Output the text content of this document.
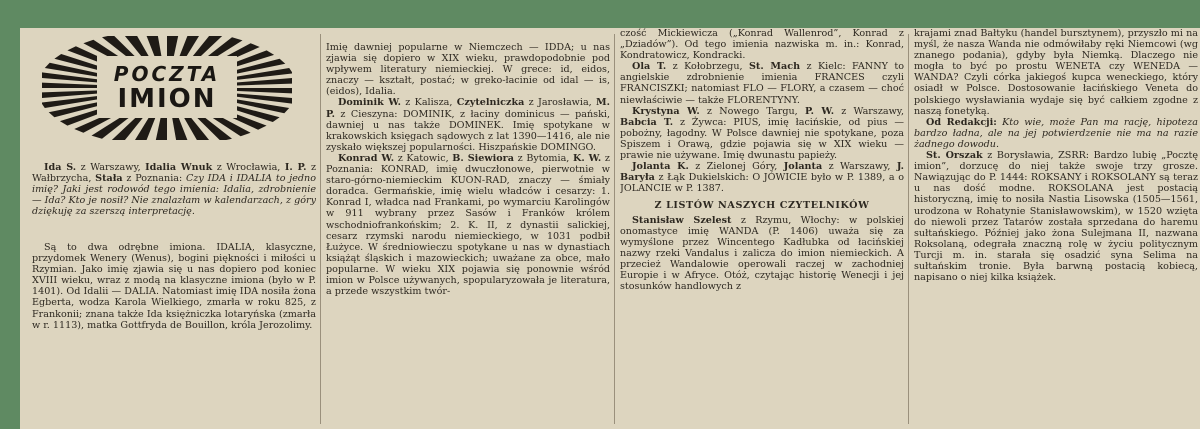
POCZTA
IMION

Ida S. z Warszawy, Idalia Wnuk z Wrocławia, I. P. z Wałbrzycha, Stała z Poznania: Czy IDA i IDALIA to jedno imię? Jaki jest rodowód tego imienia: Idalia, zdrobnienie — Ida? Kto je nosił? Nie znalazłam w kalendarzach, z góry dziękuję za szerszą interpretację.

Są to dwa odrębne imiona. IDALIA, klasyczne, przydomek Wenery (Wenus), bogini piękności i miłości u Rzymian. Jako imię zjawia się u nas dopiero pod koniec XVIII wieku, wraz z modą na klasyczne imiona (było w P. 1401). Od Idalii — DALIA. Natomiast imię IDA nosiła żona Egberta, wodza Karola Wielkiego, zmarła w roku 825, z Frankonii; znana także Ida księżniczka lotaryńska (zmarła w r. 1113), matka Gottfryda de Bouillon, króla Jerozolimy.

Imię dawniej popularne w Niemczech — IDDA; u nas zjawia się dopiero w XIX wieku, prawdopodobnie pod wpływem literatury niemieckiej. W grece: id, eidos, znaczy — kształt, postać; w greko-łacinie od idal — is, (eidos), Idalia.

Dominik W. z Kalisza, Czytelniczka z Jarosławia, M. P. z Cieszyna: DOMINIK, z łaciny dominicus — pański, dawniej u nas także DOMINEK. Imię spotykane w krakowskich księgach sądowych z lat 1390—1416, ale nie zyskało większej popularności. Hiszpańskie DOMINGO.

Konrad W. z Katowic, B. Siewiora z Bytomia, K. W. z Poznania: KONRAD, imię dwuczłonowe, pierwotnie w staro-górno-niemieckim KUON-RAD, znaczy — śmiały doradca. Germańskie, imię wielu władców i cesarzy: 1. Konrad I, władca nad Frankami, po wymarciu Karolingów w 911 wybrany przez Sasów i Franków królem wschodniofrankońskim; 2. K. II, z dynastii salickiej, cesarz rzymski narodu niemieckiego, w 1031 podbił Łużyce. W średniowieczu spotykane u nas w dynastiach książąt śląskich i mazowieckich; uważane za obce, mało popularne. W wieku XIX pojawia się ponownie wśród imion w Polsce używanych, spopularyzowała je literatura, a przede wszystkim twór-

czość Mickiewicza („Konrad Wallenrod”, Konrad z „Dziadów”). Od tego imienia nazwiska m. in.: Konrad, Kondratowicz, Kondracki.

Ola T. z Kołobrzegu, St. Mach z Kielc: FANNY to angielskie zdrobnienie imienia FRANCES czyli FRANCISZKI; natomiast FLO — FLORY, a czasem — choć niewłaściwie — także FLORENTYNY.

Krystyna W. z Nowego Targu, P. W. z Warszawy, Babcia T. z Żywca: PIUS, imię łacińskie, od pius — pobożny, łagodny. W Polsce dawniej nie spotykane, poza Spiszem i Orawą, gdzie pojawia się w XIX wieku — prawie nie używane. Imię dwunastu papieży.

Jolanta K. z Zielonej Góry, Jolanta z Warszawy, J. Baryła z Łąk Dukielskich: O JÓWICIE było w P. 1389, a o JOLANCIE w P. 1387.

Z LISTÓW NASZYCH CZYTELNIKÓW

Stanisław Szelest z Rzymu, Włochy: w polskiej onomastyce imię WANDA (P. 1406) uważa się za wymyślone przez Wincentego Kadłubka od łacińskiej nazwy rzeki Vandalus i zalicza do imion niemieckich. A przecież Wandalowie operowali raczej w zachodniej Europie i w Afryce. Otóż, czytając historię Wenecji i jej stosunków handlowych z

krajami znad Bałtyku (handel bursztynem), przyszło mi na myśl, że nasza Wanda nie odmówiłaby ręki Niemcowi (wg znanego podania), gdyby była Niemką. Dlaczego nie mogła to być po prostu WENETA czy WENEDA — WANDA? Czyli córka jakiegoś kupca weneckiego, który osiadł w Polsce. Dostosowanie łacińskiego Veneta do polskiego wysławiania wydaje się być całkiem zgodne z naszą fonetyką.

Od Redakcji: Kto wie, może Pan ma rację, hipoteza bardzo ładna, ale na jej potwierdzenie nie ma na razie żadnego dowodu.

St. Orszak z Borysławia, ZSRR: Bardzo lubię „Pocztę imion”, dorzucę do niej także swoje trzy grosze. Nawiązując do P. 1444: ROKSANY i ROKSOLANY są teraz u nas dość modne. ROKSOLANA jest postacią historyczną, imię to nosiła Nastia Lisowska (1505—1561, urodzona w Rohatynie Stanisławowskim), w 1520 wzięta do niewoli przez Tatarów została sprzedana do haremu sułtańskiego. Później jako żona Sulejmana II, nazwana Roksolaną, odegrała znaczną rolę w życiu politycznym Turcji m. in. starała się osadzić syna Selima na sułtańskim tronie. Była barwną postacią kobiecą, napisano o niej kilka książek.
